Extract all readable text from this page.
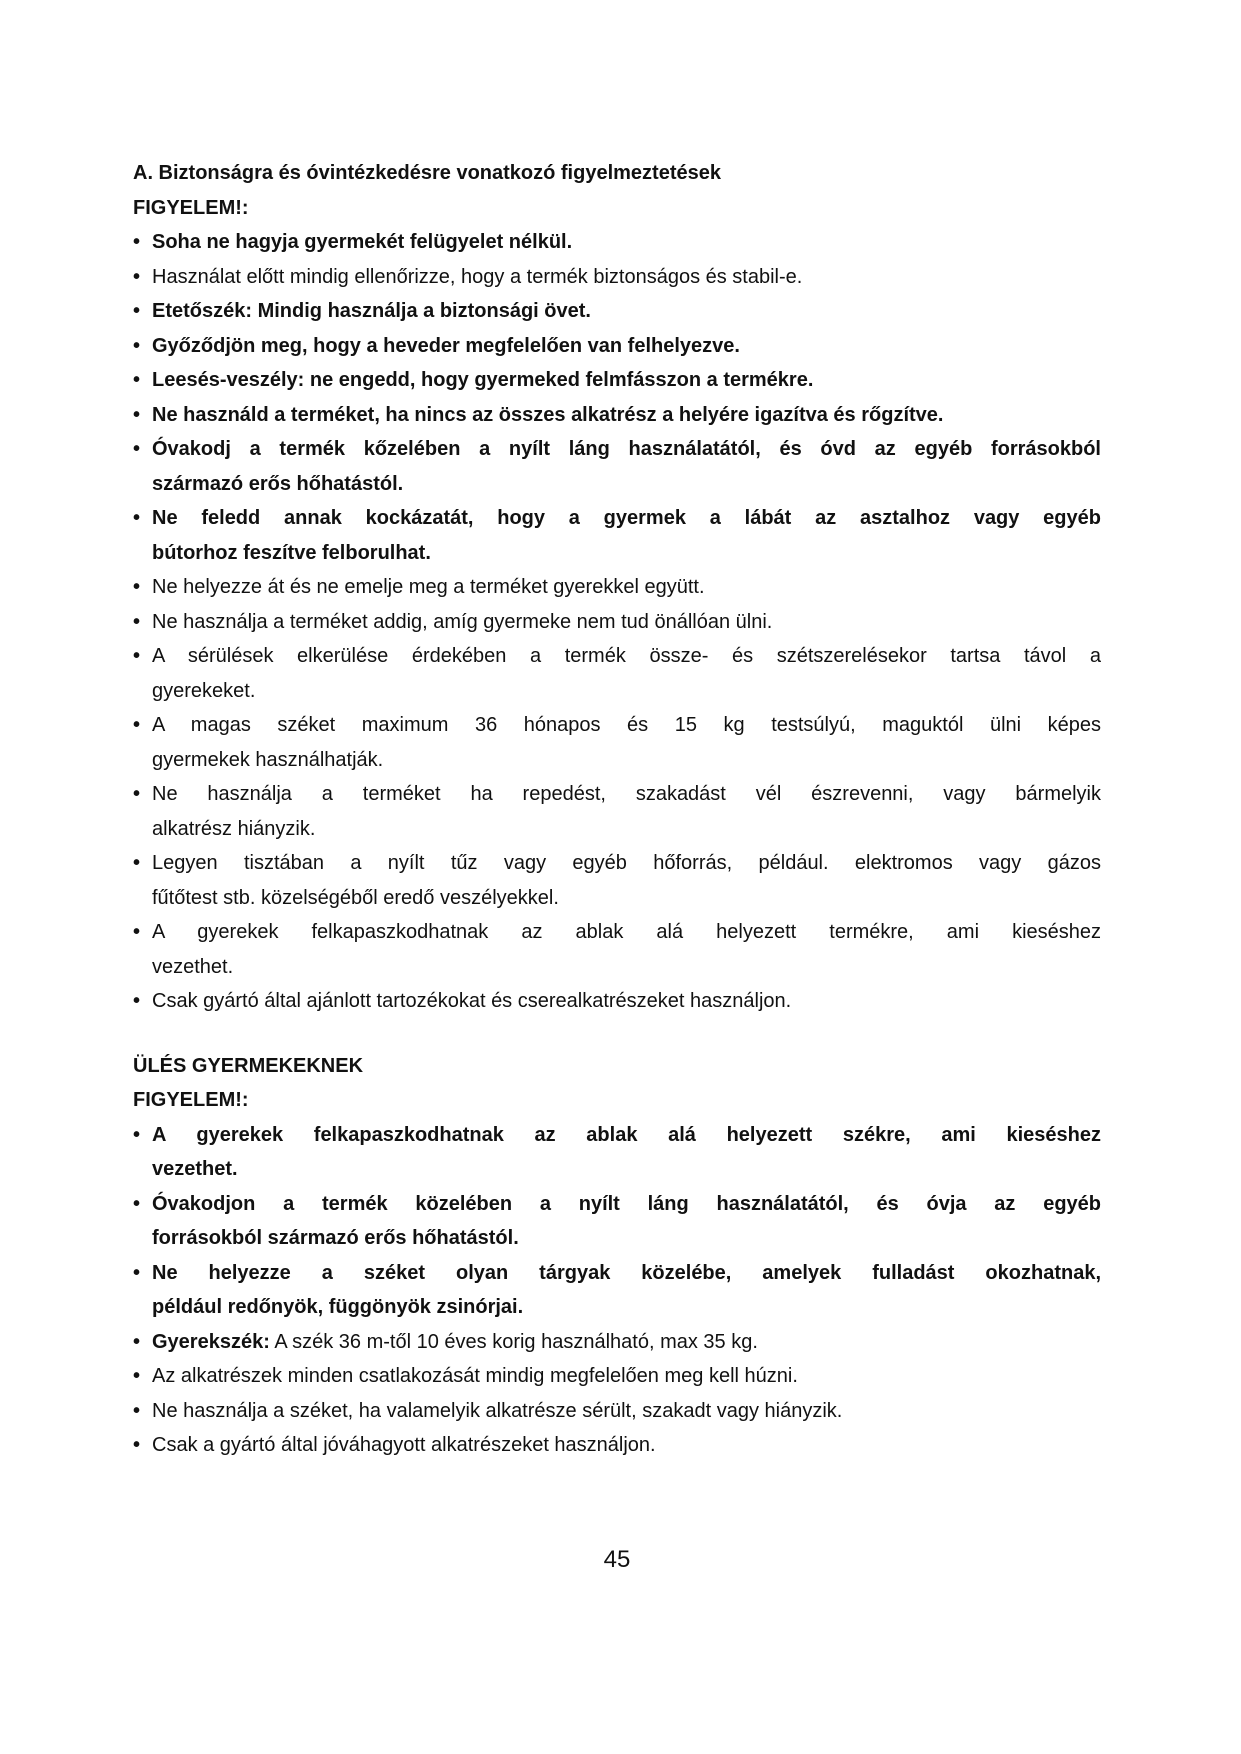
A. Biztonságra és óvintézkedésre vonatkozó figyelmeztetések
FIGYELEM!:
• Soha ne hagyja gyermekét felügyelet nélkül.
• Használat előtt mindig ellenőrizze, hogy a termék biztonságos és stabil-e.
• Etetőszék: Mindig használja a biztonsági övet.
• Győződjön meg, hogy a heveder megfelelően van felhelyezve.
• Leesés-veszély: ne engedd, hogy gyermeked felmfásszon a termékre.
• Ne használd a terméket, ha nincs az összes alkatrész a helyére igazítva és rőgzítve.
• Óvakodj a termék kőzelében a nyílt láng használatától, és óvd az egyéb forrásokból
származó erős hőhatástól.
• Ne feledd annak kockázatát, hogy a gyermek a lábát az asztalhoz vagy egyéb
bútorhoz feszítve felborulhat.
• Ne helyezze át és ne emelje meg a terméket gyerekkel együtt.
• Ne használja a terméket addig, amíg gyermeke nem tud önállóan ülni.
• A sérülések elkerülése érdekében a termék össze- és szétszerelésekor tartsa távol a
gyerekeket.
• A magas széket maximum 36 hónapos és 15 kg testsúlyú, maguktól ülni képes
gyermekek használhatják.
• Ne használja a terméket ha repedést, szakadást vél észrevenni, vagy bármelyik
alkatrész hiányzik.
• Legyen tisztában a nyílt tűz vagy egyéb hőforrás, például. elektromos vagy gázos
fűtőtest stb. közelségéből eredő veszélyekkel.
• A gyerekek felkapaszkodhatnak az ablak alá helyezett termékre, ami kieséshez
vezethet.
• Csak gyártó által ajánlott tartozékokat és cserealkatrészeket használjon.
ÜLÉS GYERMEKEKNEK
FIGYELEM!:
• A gyerekek felkapaszkodhatnak az ablak alá helyezett székre, ami kieséshez
vezethet.
• Óvakodjon a termék közelében a nyílt láng használatától, és óvja az egyéb
forrásokból származó erős hőhatástól.
• Ne helyezze a széket olyan tárgyak közelébe, amelyek fulladást okozhatnak,
például redőnyök, függönyök zsinórjai.
• Gyerekszék: A szék 36 m-től 10 éves korig használható, max 35 kg.
• Az alkatrészek minden csatlakozását mindig megfelelően meg kell húzni.
• Ne használja a széket, ha valamelyik alkatrésze sérült, szakadt vagy hiányzik.
• Csak a gyártó által jóváhagyott alkatrészeket használjon.
45
